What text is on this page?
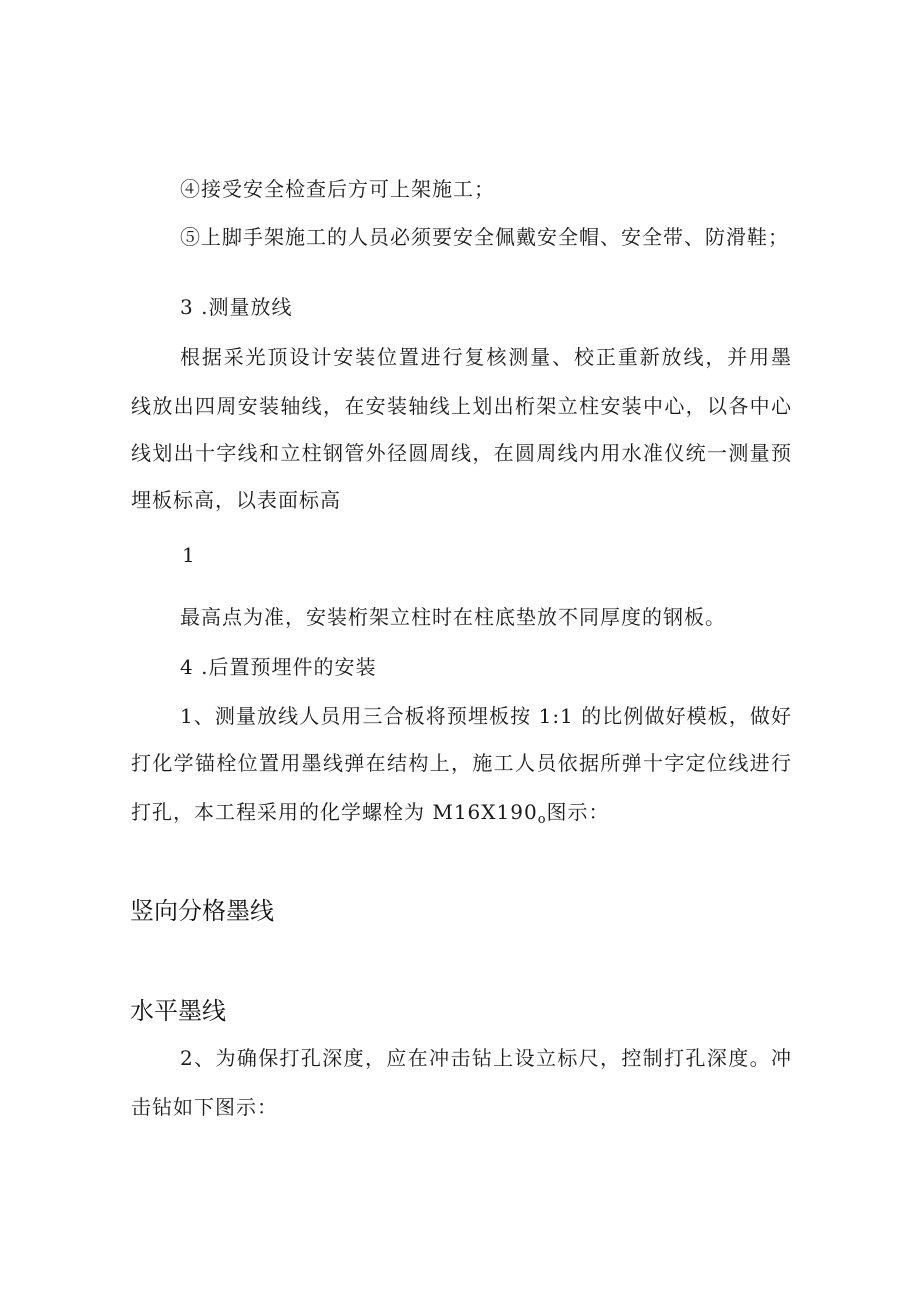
④接受安全检查后方可上架施工；
⑤上脚手架施工的人员必须要安全佩戴安全帽、安全带、防滑鞋；
3 .测量放线
根据采光顶设计安装位置进行复核测量、校正重新放线，并用墨
线放出四周安装轴线，在安装轴线上划出桁架立柱安装中心，以各中心
线划出十字线和立柱钢管外径圆周线，在圆周线内用水准仪统一测量预
埋板标高，以表面标高
1
最高点为准，安装桁架立柱时在柱底垫放不同厚度的钢板。
4 .后置预埋件的安装
1、测量放线人员用三合板将预埋板按 1:1 的比例做好模板，做好
打化学锚栓位置用墨线弹在结构上，施工人员依据所弹十字定位线进行
打孔，本工程采用的化学螺栓为 $M16X190_o$图示：
竖向分格墨线
水平墨线
2、为确保打孔深度，应在冲击钻上设立标尺，控制打孔深度。冲
击钻如下图示：
